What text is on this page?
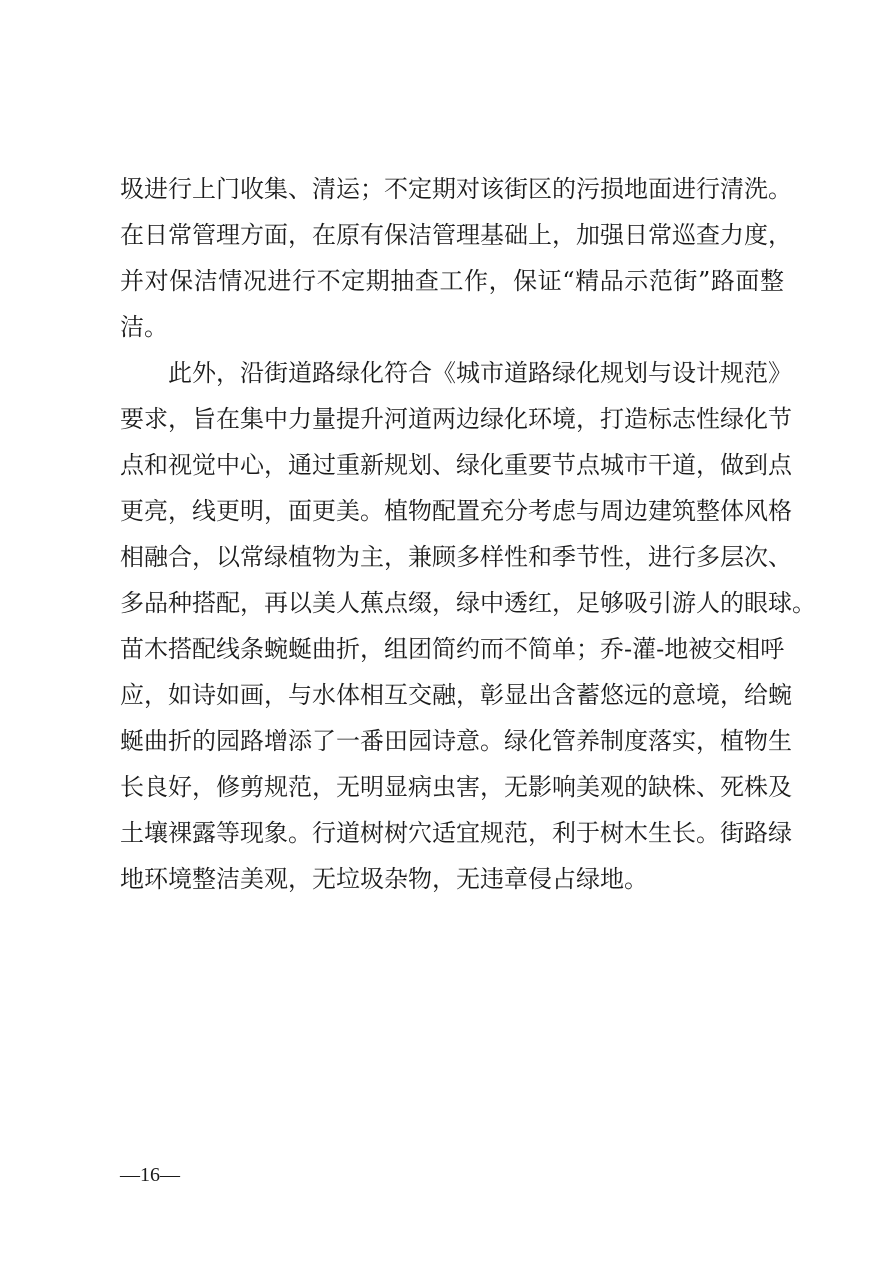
圾进行上门收集、清运；不定期对该街区的污损地面进行清洗。
在日常管理方面，在原有保洁管理基础上，加强日常巡查力度，
并对保洁情况进行不定期抽查工作，保证“精品示范街”路面整
洁。
　　此外，沿街道路绿化符合《城市道路绿化规划与设计规范》
要求，旨在集中力量提升河道两边绿化环境，打造标志性绿化节
点和视觉中心，通过重新规划、绿化重要节点城市干道，做到点
更亮，线更明，面更美。植物配置充分考虑与周边建筑整体风格
相融合，以常绿植物为主，兼顾多样性和季节性，进行多层次、
多品种搭配，再以美人蕉点缀，绿中透红，足够吸引游人的眼球。
苗木搭配线条蜿蜒曲折，组团简约而不简单；乔-灌-地被交相呼
应，如诗如画，与水体相互交融，彰显出含蓄悠远的意境，给蜿
蜒曲折的园路增添了一番田园诗意。绿化管养制度落实，植物生
长良好，修剪规范，无明显病虫害，无影响美观的缺株、死株及
土壤裸露等现象。行道树树穴适宜规范，利于树木生长。街路绿
地环境整洁美观，无垃圾杂物，无违章侵占绿地。
—16—
